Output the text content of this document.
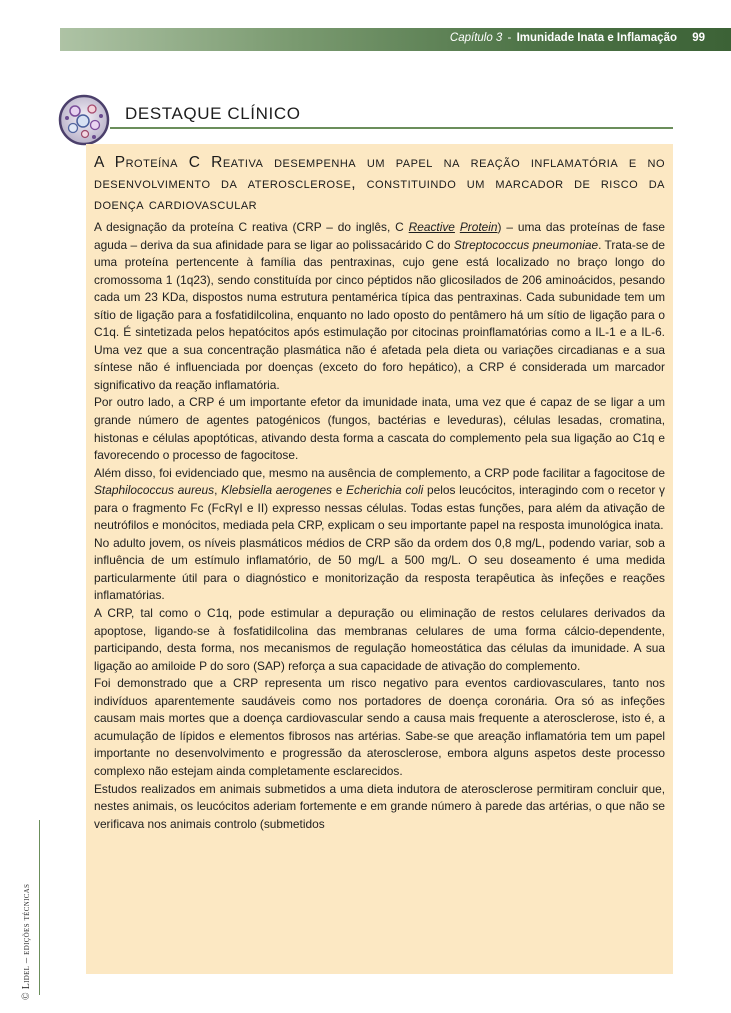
Capítulo 3 - Imunidade Inata e Inflamação 99
DESTAQUE CLÍNICO
A Proteína C Reativa desempenha um papel na reação inflamatória e no desenvolvimento da aterosclerose, constituindo um marcador de risco da doença cardiovascular

A designação da proteína C reativa (CRP – do inglês, C Reactive Protein) – uma das proteínas de fase aguda – deriva da sua afinidade para se ligar ao polissacárido C do Streptococcus pneumoniae. Trata-se de uma proteína pertencente à família das pentraxinas, cujo gene está localizado no braço longo do cromossoma 1 (1q23), sendo constituída por cinco péptidos não glicosilados de 206 aminoácidos, pesando cada um 23 KDa, dispostos numa estrutura pentamérica típica das pentraxinas. Cada subunidade tem um sítio de ligação para a fosfatidilcolina, enquanto no lado oposto do pentâmero há um sítio de ligação para o C1q. É sintetizada pelos hepatócitos após estimulação por citocinas proinflamatórias como a IL-1 e a IL-6. Uma vez que a sua concentração plasmática não é afetada pela dieta ou variações circadianas e a sua síntese não é influenciada por doenças (exceto do foro hepático), a CRP é considerada um marcador significativo da reação inflamatória.

Por outro lado, a CRP é um importante efetor da imunidade inata, uma vez que é capaz de se ligar a um grande número de agentes patogénicos (fungos, bactérias e leveduras), células lesadas, cromatina, histonas e células apoptóticas, ativando desta forma a cascata do complemento pela sua ligação ao C1q e favorecendo o processo de fagocitose.

Além disso, foi evidenciado que, mesmo na ausência de complemento, a CRP pode facilitar a fagocitose de Staphilococcus aureus, Klebsiella aerogenes e Echerichia coli pelos leucócitos, interagindo com o recetor γ para o fragmento Fc (FcRγI e II) expresso nessas células. Todas estas funções, para além da ativação de neutrófilos e monócitos, mediada pela CRP, explicam o seu importante papel na resposta imunológica inata.

No adulto jovem, os níveis plasmáticos médios de CRP são da ordem dos 0,8 mg/L, podendo variar, sob a influência de um estímulo inflamatório, de 50 mg/L a 500 mg/L. O seu doseamento é uma medida particularmente útil para o diagnóstico e monitorização da resposta terapêutica às infeções e reações inflamatórias.

A CRP, tal como o C1q, pode estimular a depuração ou eliminação de restos celulares derivados da apoptose, ligando-se à fosfatidilcolina das membranas celulares de uma forma cálcio-dependente, participando, desta forma, nos mecanismos de regulação homeostática das células da imunidade. A sua ligação ao amiloide P do soro (SAP) reforça a sua capacidade de ativação do complemento.

Foi demonstrado que a CRP representa um risco negativo para eventos cardiovasculares, tanto nos indivíduos aparentemente saudáveis como nos portadores de doença coronária. Ora só as infeções causam mais mortes que a doença cardiovascular sendo a causa mais frequente a aterosclerose, isto é, a acumulação de lípidos e elementos fibrosos nas artérias. Sabe-se que areação inflamatória tem um papel importante no desenvolvimento e progressão da aterosclerose, embora alguns aspetos deste processo complexo não estejam ainda completamente esclarecidos.

Estudos realizados em animais submetidos a uma dieta indutora de aterosclerose permitiram concluir que, nestes animais, os leucócitos aderiam fortemente e em grande número à parede das artérias, o que não se verificava nos animais controlo (submetidos

© Lidel – edições técnicas
